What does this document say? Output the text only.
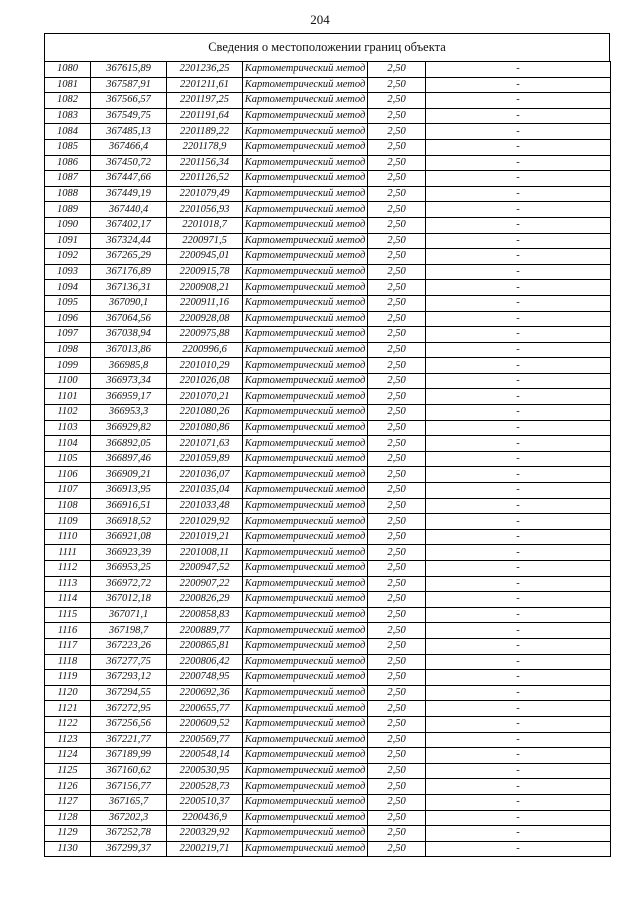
204
Сведения о местоположении границ объекта
1080	367615,89	2201236,25	Картометрический метод	2,50	-
1081	367587,91	2201211,61	Картометрический метод	2,50	-
1082	367566,57	2201197,25	Картометрический метод	2,50	-
1083	367549,75	2201191,64	Картометрический метод	2,50	-
1084	367485,13	2201189,22	Картометрический метод	2,50	-
1085	367466,4	2201178,9	Картометрический метод	2,50	-
1086	367450,72	2201156,34	Картометрический метод	2,50	-
1087	367447,66	2201126,52	Картометрический метод	2,50	-
1088	367449,19	2201079,49	Картометрический метод	2,50	-
1089	367440,4	2201056,93	Картометрический метод	2,50	-
1090	367402,17	2201018,7	Картометрический метод	2,50	-
1091	367324,44	2200971,5	Картометрический метод	2,50	-
1092	367265,29	2200945,01	Картометрический метод	2,50	-
1093	367176,89	2200915,78	Картометрический метод	2,50	-
1094	367136,31	2200908,21	Картометрический метод	2,50	-
1095	367090,1	2200911,16	Картометрический метод	2,50	-
1096	367064,56	2200928,08	Картометрический метод	2,50	-
1097	367038,94	2200975,88	Картометрический метод	2,50	-
1098	367013,86	2200996,6	Картометрический метод	2,50	-
1099	366985,8	2201010,29	Картометрический метод	2,50	-
1100	366973,34	2201026,08	Картометрический метод	2,50	-
1101	366959,17	2201070,21	Картометрический метод	2,50	-
1102	366953,3	2201080,26	Картометрический метод	2,50	-
1103	366929,82	2201080,86	Картометрический метод	2,50	-
1104	366892,05	2201071,63	Картометрический метод	2,50	-
1105	366897,46	2201059,89	Картометрический метод	2,50	-
1106	366909,21	2201036,07	Картометрический метод	2,50	-
1107	366913,95	2201035,04	Картометрический метод	2,50	-
1108	366916,51	2201033,48	Картометрический метод	2,50	-
1109	366918,52	2201029,92	Картометрический метод	2,50	-
1110	366921,08	2201019,21	Картометрический метод	2,50	-
1111	366923,39	2201008,11	Картометрический метод	2,50	-
1112	366953,25	2200947,52	Картометрический метод	2,50	-
1113	366972,72	2200907,22	Картометрический метод	2,50	-
1114	367012,18	2200826,29	Картометрический метод	2,50	-
1115	367071,1	2200858,83	Картометрический метод	2,50	-
1116	367198,7	2200889,77	Картометрический метод	2,50	-
1117	367223,26	2200865,81	Картометрический метод	2,50	-
1118	367277,75	2200806,42	Картометрический метод	2,50	-
1119	367293,12	2200748,95	Картометрический метод	2,50	-
1120	367294,55	2200692,36	Картометрический метод	2,50	-
1121	367272,95	2200655,77	Картометрический метод	2,50	-
1122	367256,56	2200609,52	Картометрический метод	2,50	-
1123	367221,77	2200569,77	Картометрический метод	2,50	-
1124	367189,99	2200548,14	Картометрический метод	2,50	-
1125	367160,62	2200530,95	Картометрический метод	2,50	-
1126	367156,77	2200528,73	Картометрический метод	2,50	-
1127	367165,7	2200510,37	Картометрический метод	2,50	-
1128	367202,3	2200436,9	Картометрический метод	2,50	-
1129	367252,78	2200329,92	Картометрический метод	2,50	-
1130	367299,37	2200219,71	Картометрический метод	2,50	-
